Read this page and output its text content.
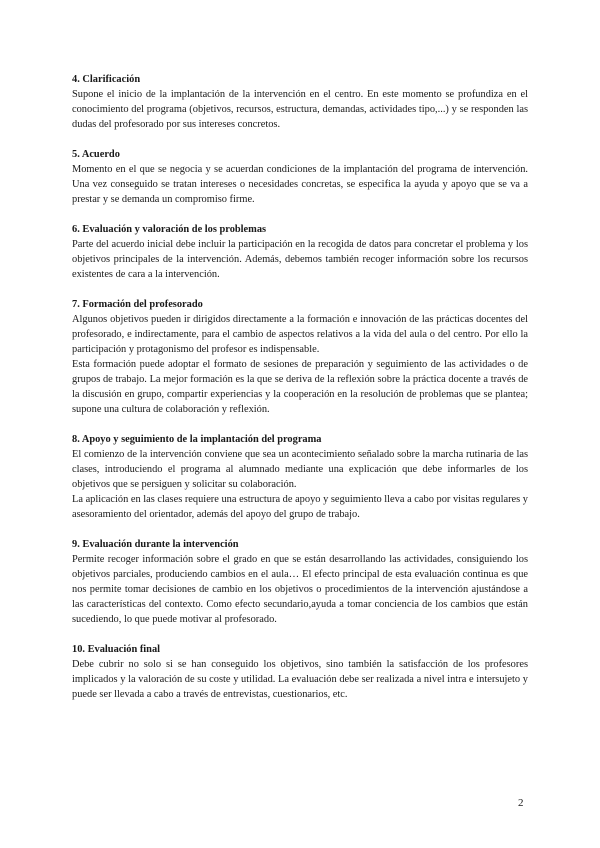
4. Clarificación

Supone el inicio de la implantación de la intervención en el centro. En este momento se profundiza en el conocimiento del programa (objetivos, recursos, estructura, demandas, actividades tipo,...) y se responden las dudas del profesorado por sus intereses concretos.

5. Acuerdo

Momento en el que se negocia y se acuerdan condiciones de la implantación del programa de intervención. Una vez conseguido se tratan intereses o necesidades concretas, se especifica la ayuda y apoyo que se va a prestar y se demanda un compromiso firme.

6. Evaluación y valoración de los problemas

Parte del acuerdo inicial debe incluir la participación en la recogida de datos para concretar el problema y los objetivos principales de la intervención. Además, debemos también recoger información sobre los recursos existentes de cara a la intervención.

7. Formación del profesorado

Algunos objetivos pueden ir dirigidos directamente a la formación e innovación de las prácticas docentes del profesorado, e indirectamente, para el cambio de aspectos relativos a la vida del aula o del centro. Por ello la participación y protagonismo del profesor es indispensable.

Esta formación puede adoptar el formato de sesiones de preparación y seguimiento de las actividades o de grupos de trabajo. La mejor formación es la que se deriva de la reflexión sobre la práctica docente a través de la discusión en grupo, compartir experiencias y la cooperación en la resolución de problemas que se plantea; supone una cultura de colaboración y reflexión.

8. Apoyo y seguimiento de la implantación del programa

El comienzo de la intervención conviene que sea un acontecimiento señalado sobre la marcha rutinaria de las clases, introduciendo el programa al alumnado mediante una explicación que debe informarles de los objetivos que se persiguen y solicitar su colaboración.

La aplicación en las clases requiere una estructura de apoyo y seguimiento lleva a cabo por visitas regulares y asesoramiento del orientador, además del apoyo del grupo de trabajo.

9. Evaluación durante la intervención

Permite recoger información sobre el grado en que se están desarrollando las actividades, consiguiendo los objetivos parciales, produciendo cambios en el aula… El efecto principal de esta evaluación continua es que nos permite tomar decisiones de cambio en los objetivos o procedimientos de la intervención ajustándose a las características del contexto. Como efecto secundario,ayuda a tomar conciencia de los cambios que están sucediendo, lo que puede motivar al profesorado.

10. Evaluación final

Debe cubrir no solo si se han conseguido los objetivos, sino también la satisfacción de los profesores implicados y la valoración de su coste y utilidad. La evaluación debe ser realizada a nivel intra e intersujeto y puede ser llevada a cabo a través de entrevistas, cuestionarios, etc.

2
